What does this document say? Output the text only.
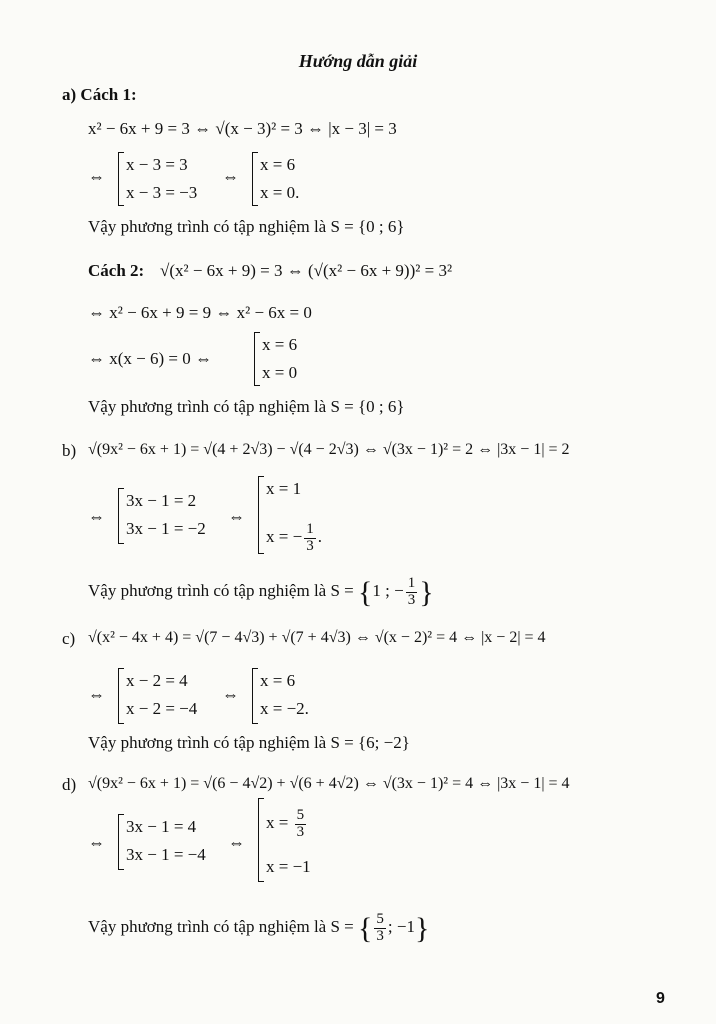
Hướng dẫn giải
a) Cách 1:
x² − 6x + 9 = 3 ⇔ √(x − 3)² = 3 ⇔ |x − 3| = 3
⇔
x − 3 = 3
x − 3 = −3
⇔
x = 6
x = 0.
Vậy phương trình có tập nghiệm là S = {0 ; 6}
Cách 2: √(x² − 6x + 9) = 3 ⇔ (√(x² − 6x + 9))² = 3²
⇔ x² − 6x + 9 = 9 ⇔ x² − 6x = 0
⇔ x(x − 6) = 0 ⇔
x = 6
x = 0
Vậy phương trình có tập nghiệm là S = {0 ; 6}
b) √(9x² − 6x + 1) = √(4 + 2√3) − √(4 − 2√3) ⇔ √(3x − 1)² = 2 ⇔ |3x − 1| = 2
⇔
3x − 1 = 2
3x − 1 = −2
⇔
x = 1
x = − $\frac{1}{3}$ .
Vậy phương trình có tập nghiệm là S = {1 ; − $\frac{1}{3}$ }
c) √(x² − 4x + 4) = √(7 − 4√3) + √(7 + 4√3) ⇔ √(x − 2)² = 4 ⇔ |x − 2| = 4
⇔
x − 2 = 4
x − 2 = −4
⇔
x = 6
x = −2.
Vậy phương trình có tập nghiệm là S = {6; −2}
d) √(9x² − 6x + 1) = √(6 − 4√2) + √(6 + 4√2) ⇔ √(3x − 1)² = 4 ⇔ |3x − 1| = 4
⇔
3x − 1 = 4
3x − 1 = −4
⇔
$x = \frac{5}{3}$
x = −1
Vậy phương trình có tập nghiệm là S = { $\frac{5}{3}$ ; −1}
9
